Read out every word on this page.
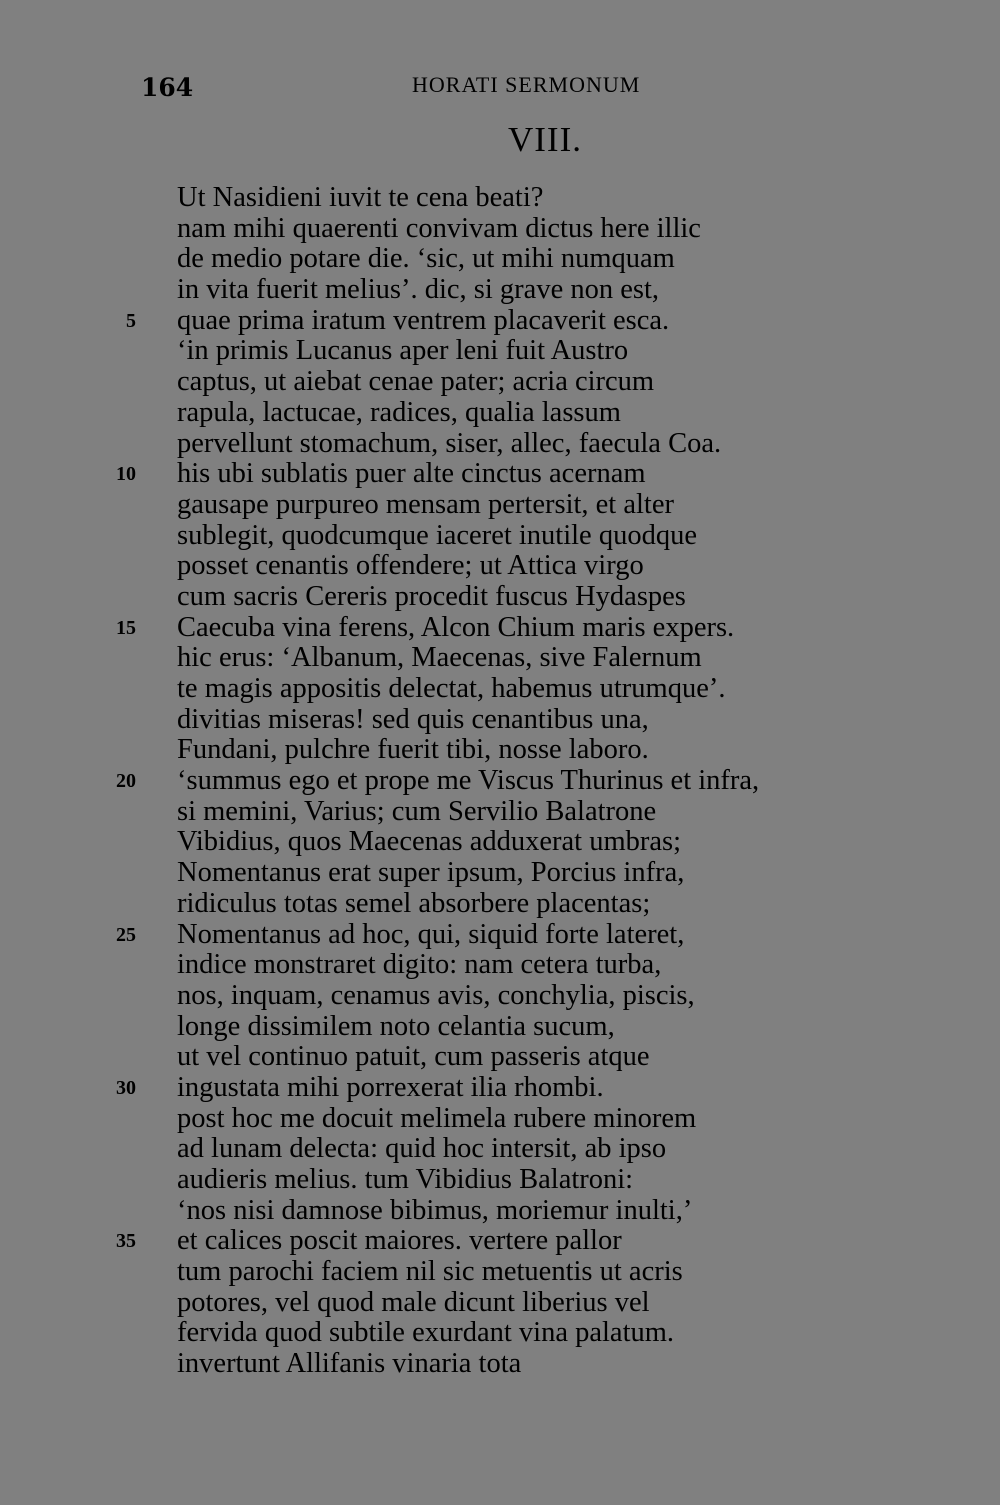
164	HORATI SERMONUM
VIII.
Ut Nasidieni iuvit te cena beati?
nam mihi quaerenti convivam dictus here illic
de medio potare die. ‘sic, ut mihi numquam
in vita fuerit melius’. dic, si grave non est,
5 quae prima iratum ventrem placaverit esca.
‘in primis Lucanus aper leni fuit Austro
captus, ut aiebat cenae pater; acria circum
rapula, lactucae, radices, qualia lassum
pervellunt stomachum, siser, allec, faecula Coa.
10 his ubi sublatis puer alte cinctus acernam
gausape purpureo mensam pertersit, et alter
sublegit, quodcumque iaceret inutile quodque
posset cenantis offendere; ut Attica virgo
cum sacris Cereris procedit fuscus Hydaspes
15 Caecuba vina ferens, Alcon Chium maris expers.
hic erus: ‘Albanum, Maecenas, sive Falernum
te magis appositis delectat, habemus utrumque’.
divitias miseras! sed quis cenantibus una,
Fundani, pulchre fuerit tibi, nosse laboro.
20 ‘summus ego et prope me Viscus Thurinus et infra,
si memini, Varius; cum Servilio Balatrone
Vibidius, quos Maecenas adduxerat umbras;
Nomentanus erat super ipsum, Porcius infra,
ridiculus totas semel absorbere placentas;
25 Nomentanus ad hoc, qui, siquid forte lateret,
indice monstraret digito: nam cetera turba,
nos, inquam, cenamus avis, conchylia, piscis,
longe dissimilem noto celantia sucum,
ut vel continuo patuit, cum passeris atque
30 ingustata mihi porrexerat ilia rhombi.
post hoc me docuit melimela rubere minorem
ad lunam delecta: quid hoc intersit, ab ipso
audieris melius. tum Vibidius Balatroni:
‘nos nisi damnose bibimus, moriemur inulti,’
35 et calices poscit maiores. vertere pallor
tum parochi faciem nil sic metuentis ut acris
potores, vel quod male dicunt liberius vel
fervida quod subtile exurdant vina palatum.
invertunt Allifanis vinaria tota
